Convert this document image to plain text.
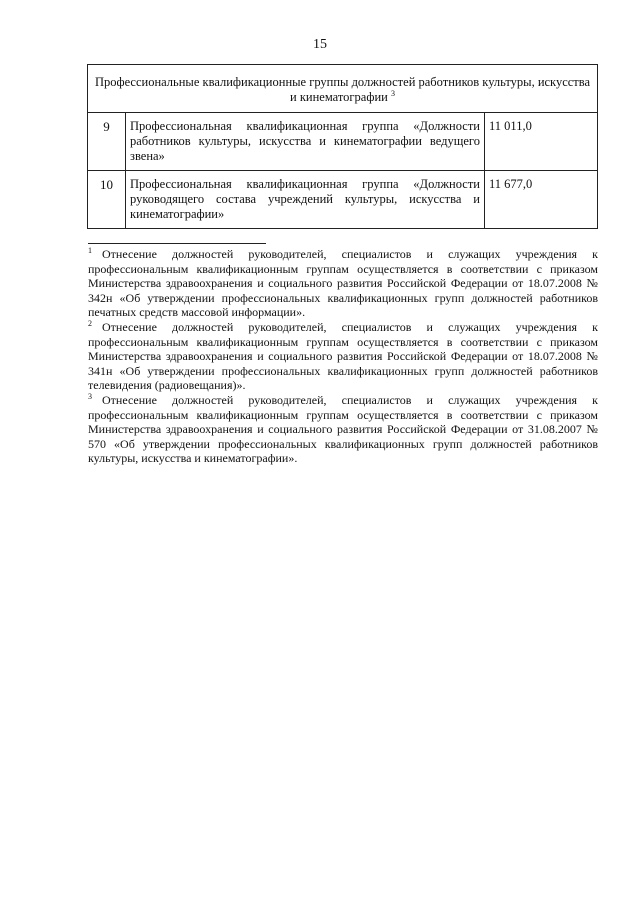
15
Профессиональные квалификационные группы должностей работников культуры, искусства и кинематографии $^3$
9	Профессиональная квалификационная группа «Должности работников культуры, искусства и кинематографии ведущего звена»	11 011,0
10	Профессиональная квалификационная группа «Должности руководящего состава учреждений культуры, искусства и кинематографии»	11 677,0

1 Отнесение должностей руководителей, специалистов и служащих учреждения к профессиональным квалификационным группам осуществляется в соответствии с приказом Министерства здравоохранения и социального развития Российской Федерации от 18.07.2008 № 342н «Об утверждении профессиональных квалификационных групп должностей работников печатных средств массовой информации».

2 Отнесение должностей руководителей, специалистов и служащих учреждения к профессиональным квалификационным группам осуществляется в соответствии с приказом Министерства здравоохранения и социального развития Российской Федерации от 18.07.2008 № 341н «Об утверждении профессиональных квалификационных групп должностей работников телевидения (радиовещания)».

3 Отнесение должностей руководителей, специалистов и служащих учреждения к профессиональным квалификационным группам осуществляется в соответствии с приказом Министерства здравоохранения и социального развития Российской Федерации от 31.08.2007 № 570 «Об утверждении профессиональных квалификационных групп должностей работников культуры, искусства и кинематографии».
